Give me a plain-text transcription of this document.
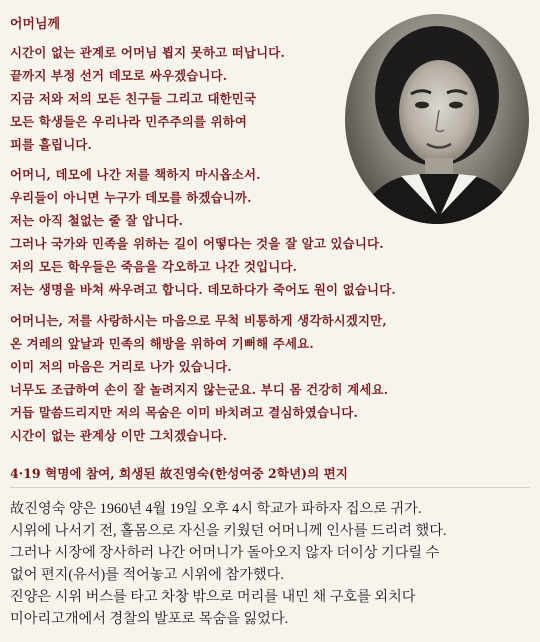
어머님께
시간이 없는 관계로 어머님 뵙지 못하고 떠납니다.
끝까지 부정 선거 데모로 싸우겠습니다.
지금 저와 저의 모든 친구들 그리고 대한민국
모든 학생들은 우리나라 민주주의를 위하여
피를 흘립니다.
어머니, 데모에 나간 저를 책하지 마시옵소서.
우리들이 아니면 누구가 데모를 하겠습니까.
저는 아직 철없는 줄 잘 압니다.
그러나 국가와 민족을 위하는 길이 어떻다는 것을 잘 알고 있습니다.
저의 모든 학우들은 죽음을 각오하고 나간 것입니다.
저는 생명을 바쳐 싸우려고 합니다. 데모하다가 죽어도 원이 없습니다.
어머니는, 저를 사랑하시는 마음으로 무척 비통하게 생각하시겠지만,
온 겨레의 앞날과 민족의 해방을 위하여 기뻐해 주세요.
이미 저의 마음은 거리로 나가 있습니다.
너무도 조급하여 손이 잘 놀려지지 않는군요. 부디 몸 건강히 계세요.
거듭 말씀드리지만 저의 목숨은 이미 바치려고 결심하였습니다.
시간이 없는 관계상 이만 그치겠습니다.
4·19 혁명에 참여, 희생된 故진영숙(한성여중 2학년)의 편지
故진영숙 양은 1960년 4월 19일 오후 4시 학교가 파하자 집으로 귀가.
시위에 나서기 전, 홀몸으로 자신을 키웠던 어머니께 인사를 드리려 했다.
그러나 시장에 장사하러 나간 어머니가 돌아오지 않자 더이상 기다릴 수
없어 편지(유서)를 적어놓고 시위에 참가했다.
진양은 시위 버스를 타고 차창 밖으로 머리를 내민 채 구호를 외치다
미아리고개에서 경찰의 발포로 목숨을 잃었다.
